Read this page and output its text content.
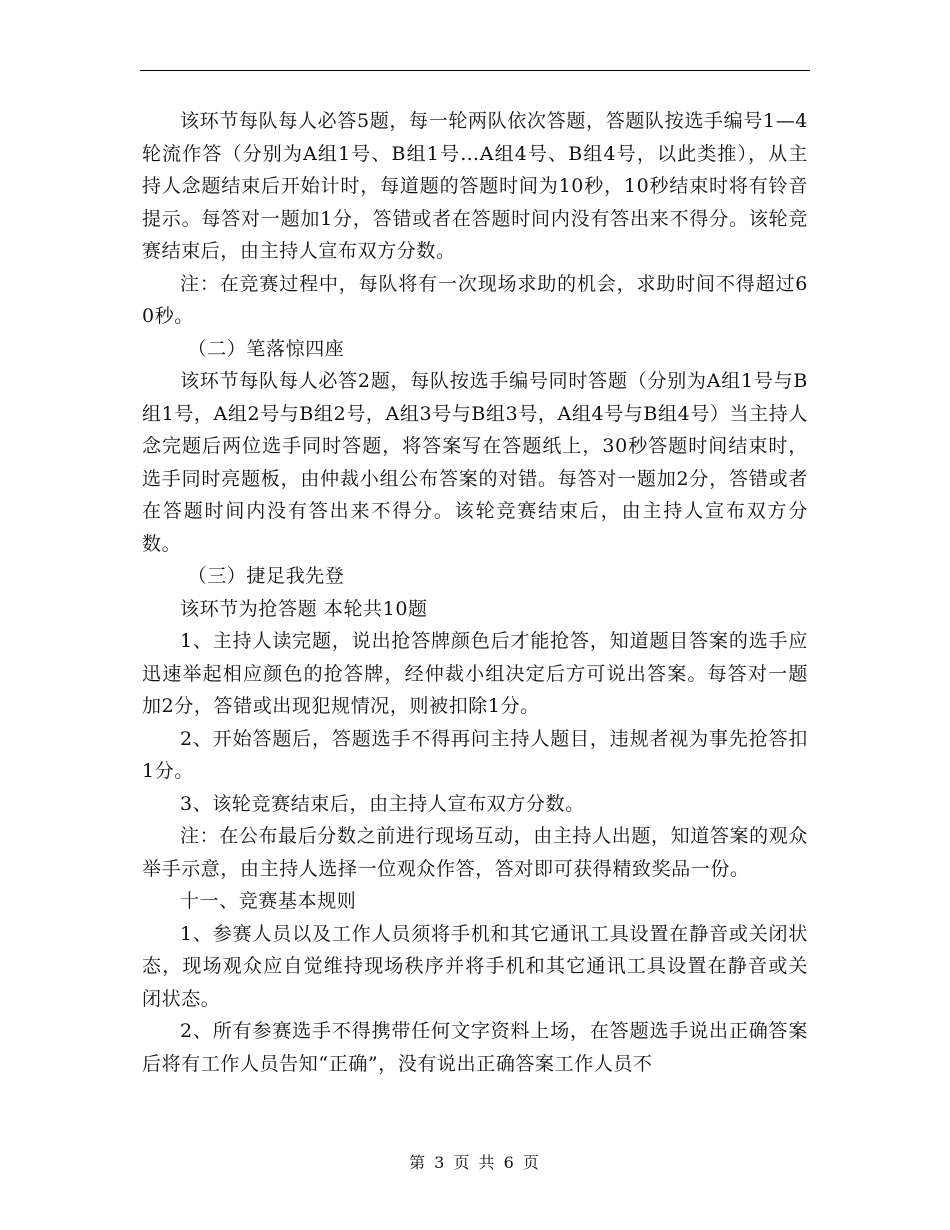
该环节每队每人必答5题，每一轮两队依次答题，答题队按选手编号1—4轮流作答（分别为A组1号、B组1号…A组4号、B组4号，以此类推），从主持人念题结束后开始计时，每道题的答题时间为10秒，10秒结束时将有铃音提示。每答对一题加1分，答错或者在答题时间内没有答出来不得分。该轮竞赛结束后，由主持人宣布双方分数。

注：在竞赛过程中，每队将有一次现场求助的机会，求助时间不得超过60秒。

（二）笔落惊四座

该环节每队每人必答2题，每队按选手编号同时答题（分别为A组1号与B组1号，A组2号与B组2号，A组3号与B组3号，A组4号与B组4号）当主持人念完题后两位选手同时答题，将答案写在答题纸上，30秒答题时间结束时，选手同时亮题板，由仲裁小组公布答案的对错。每答对一题加2分，答错或者在答题时间内没有答出来不得分。该轮竞赛结束后，由主持人宣布双方分数。

（三）捷足我先登

该环节为抢答题 本轮共10题

1、主持人读完题，说出抢答牌颜色后才能抢答，知道题目答案的选手应迅速举起相应颜色的抢答牌，经仲裁小组决定后方可说出答案。每答对一题加2分，答错或出现犯规情况，则被扣除1分。

2、开始答题后，答题选手不得再问主持人题目，违规者视为事先抢答扣1分。

3、该轮竞赛结束后，由主持人宣布双方分数。

注：在公布最后分数之前进行现场互动，由主持人出题，知道答案的观众举手示意，由主持人选择一位观众作答，答对即可获得精致奖品一份。

十一、竞赛基本规则

1、参赛人员以及工作人员须将手机和其它通讯工具设置在静音或关闭状态，现场观众应自觉维持现场秩序并将手机和其它通讯工具设置在静音或关闭状态。

2、所有参赛选手不得携带任何文字资料上场，在答题选手说出正确答案后将有工作人员告知“正确”，没有说出正确答案工作人员不

第 3 页 共 6 页
